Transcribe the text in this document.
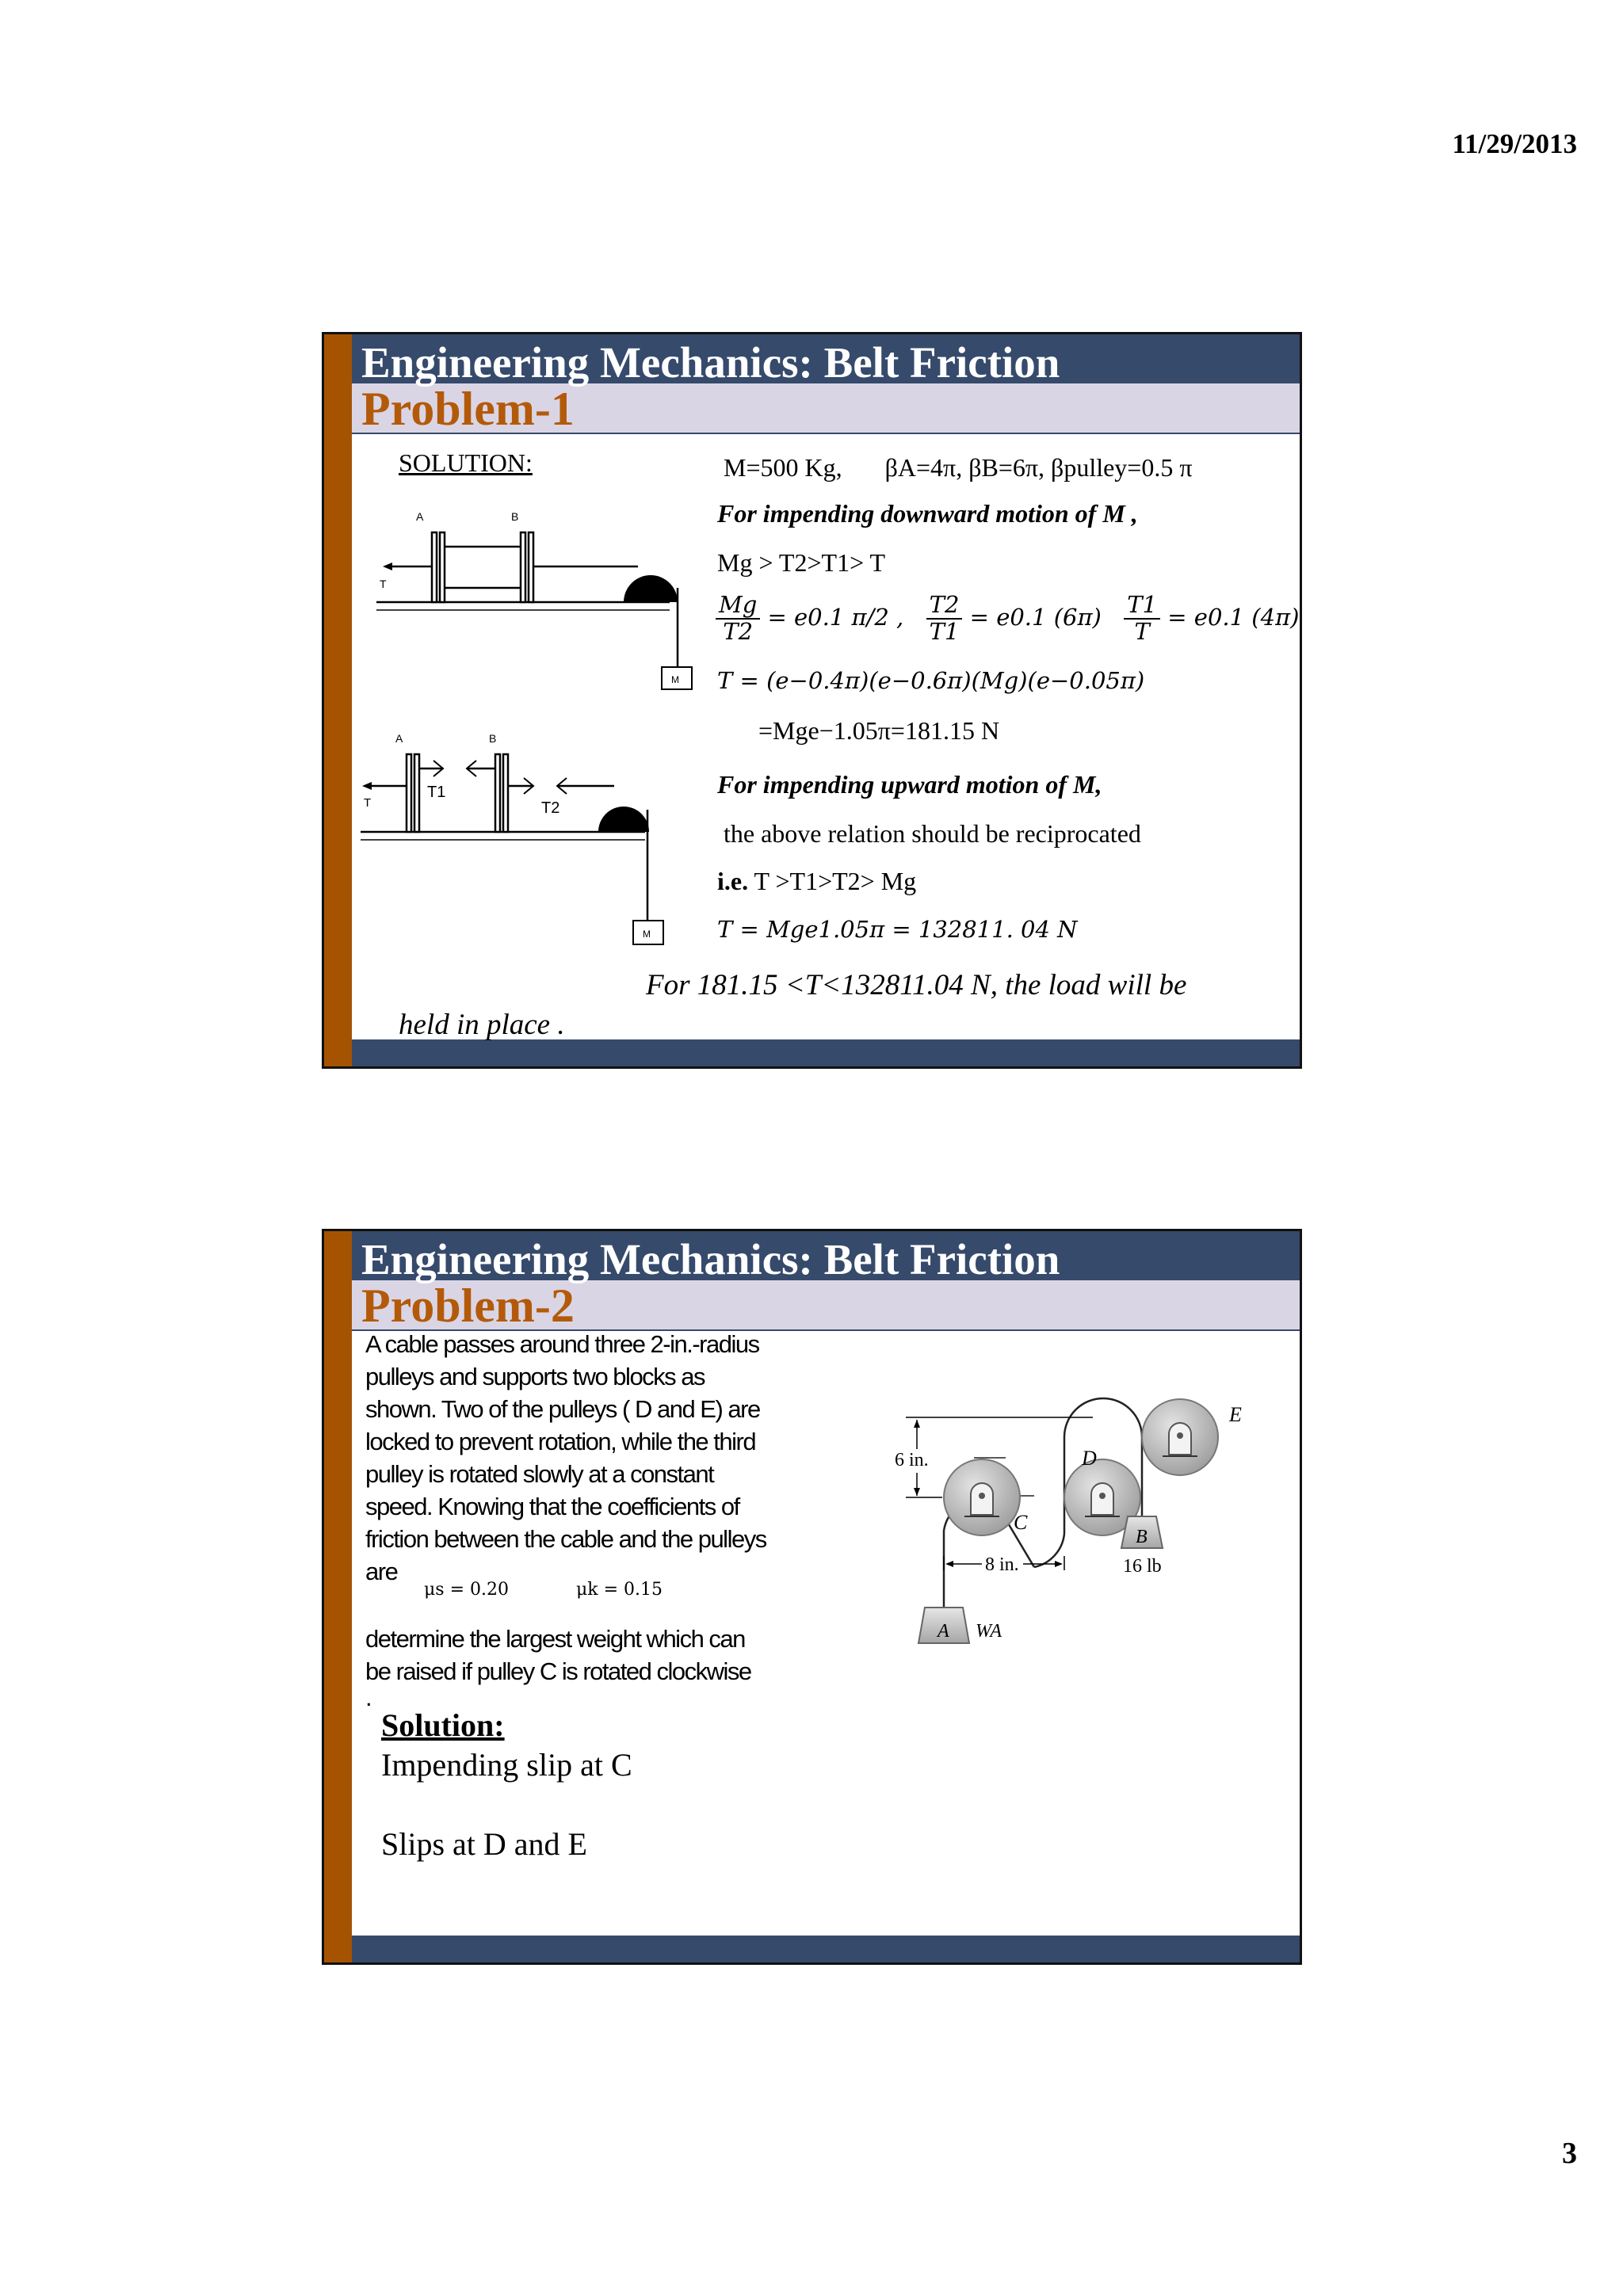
11/29/2013
Engineering Mechanics: Belt Friction
Problem-1
SOLUTION:
A	B
T
M
A	B
T
T1
T2
M
M=500 Kg, βA=4π, βB=6π, βpulley=0.5 π
For impending downward motion of M ,
Mg > T2>T1> T
$\frac{Mg}{T2} = e0.1$ π/2 , $\frac{T2}{T1} = e0.1$ $(6\pi) \frac{T1}{T} = e0.1$ (4π)
T = (e−0.4π)(e−0.6π)(Mg)(e−0.05π)
=Mge−1.05π=181.15 N
For impending upward motion of M,
the above relation should be reciprocated
i.e. T >T1>T2> Mg
T = Mge1.05π = 132811. 04 N
For 181.15 <T<132811.04 N, the load will be
held in place .
Engineering Mechanics: Belt Friction
Problem-2
A cable passes around three 2-in.-radius
pulleys and supports two blocks as
shown. Two of the pulleys ( D and E) are
locked to prevent rotation, while the third
pulley is rotated slowly at a constant
speed. Knowing that the coefficients of
friction between the cable and the pulleys
are
μs = 0.20	μk = 0.15
determine the largest weight which can
be raised if pulley C is rotated clockwise
.
Solution:
Impending slip at C
Slips at D and E
E
D
C
B
A
6 in.
8 in.	16 lb
WA
3
